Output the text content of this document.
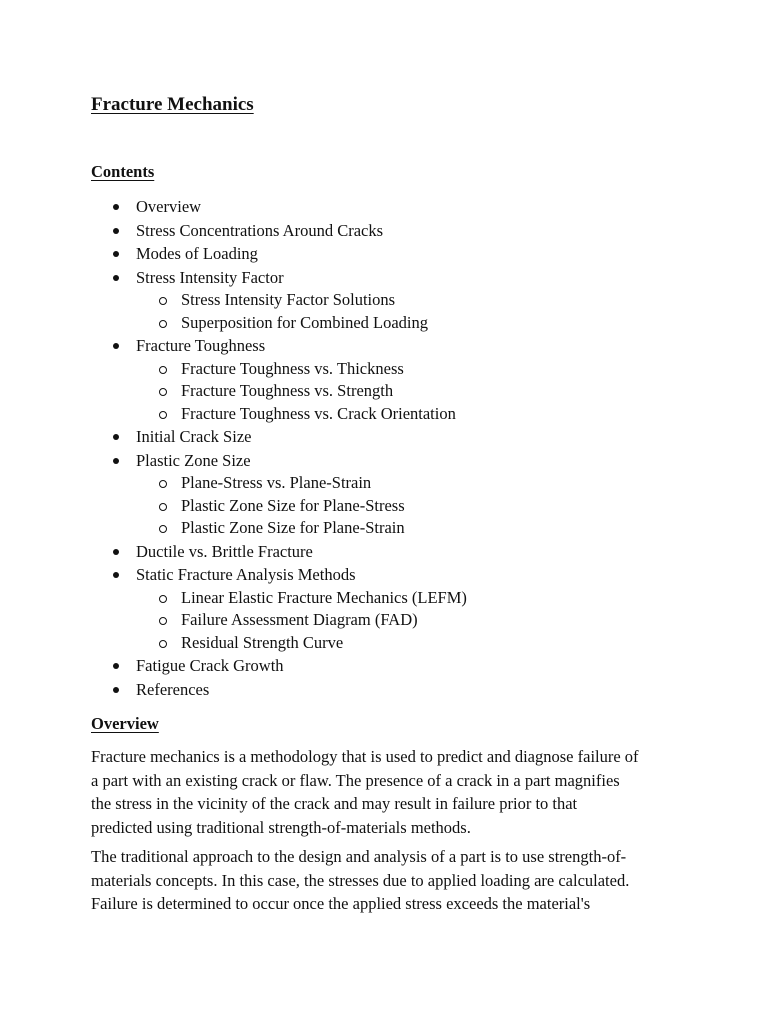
Fracture Mechanics
Contents
Overview
Stress Concentrations Around Cracks
Modes of Loading
Stress Intensity Factor
Stress Intensity Factor Solutions
Superposition for Combined Loading
Fracture Toughness
Fracture Toughness vs. Thickness
Fracture Toughness vs. Strength
Fracture Toughness vs. Crack Orientation
Initial Crack Size
Plastic Zone Size
Plane-Stress vs. Plane-Strain
Plastic Zone Size for Plane-Stress
Plastic Zone Size for Plane-Strain
Ductile vs. Brittle Fracture
Static Fracture Analysis Methods
Linear Elastic Fracture Mechanics (LEFM)
Failure Assessment Diagram (FAD)
Residual Strength Curve
Fatigue Crack Growth
References
Overview

Fracture mechanics is a methodology that is used to predict and diagnose failure of
a part with an existing crack or flaw. The presence of a crack in a part magnifies
the stress in the vicinity of the crack and may result in failure prior to that
predicted using traditional strength-of-materials methods.

The traditional approach to the design and analysis of a part is to use strength-of-
materials concepts. In this case, the stresses due to applied loading are calculated.
Failure is determined to occur once the applied stress exceeds the material's
